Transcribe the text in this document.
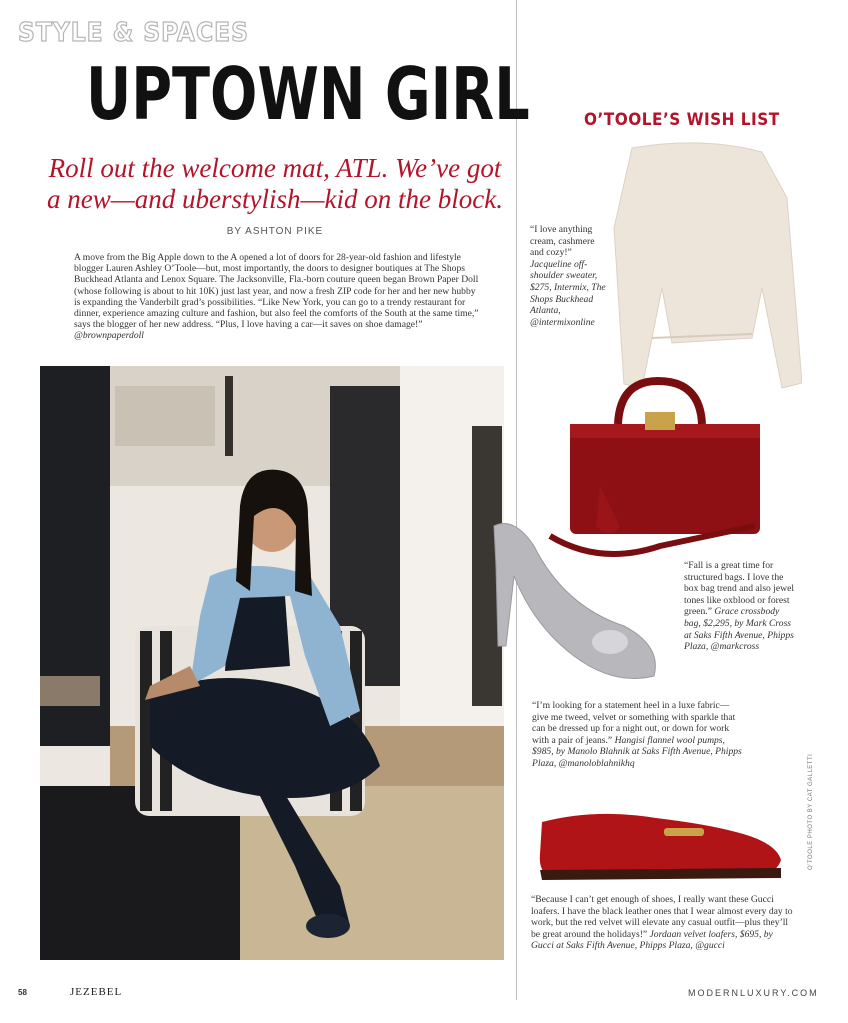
STYLE & SPACES
UPTOWN GIRL
Roll out the welcome mat, ATL. We’ve got a new—and uberstylish—kid on the block.
BY ASHTON PIKE
A move from the Big Apple down to the A opened a lot of doors for 28-year-old fashion and lifestyle blogger Lauren Ashley O’Toole—but, most importantly, the doors to designer boutiques at The Shops Buckhead Atlanta and Lenox Square. The Jacksonville, Fla.-born couture queen began Brown Paper Doll (whose following is about to hit 10K) just last year, and now a fresh ZIP code for her and her new hubby is expanding the Vanderbilt grad’s possibilities. “Like New York, you can go to a trendy restaurant for dinner, experience amazing culture and fashion, but also feel the comforts of the South at the same time,” says the blogger of her new address. “Plus, I love having a car—it saves on shoe damage!” @brownpaperdoll
O’TOOLE’S WISH LIST
“I love anything cream, cashmere and cozy!” Jacqueline off-shoulder sweater, $275, Intermix, The Shops Buckhead Atlanta, @intermixonline
“Fall is a great time for structured bags. I love the box bag trend and also jewel tones like oxblood or forest green.” Grace crossbody bag, $2,295, by Mark Cross at Saks Fifth Avenue, Phipps Plaza, @markcross
“I’m looking for a statement heel in a luxe fabric—give me tweed, velvet or something with sparkle that can be dressed up for a night out, or down for work with a pair of jeans.” Hangisi flannel wool pumps, $985, by Manolo Blahnik at Saks Fifth Avenue, Phipps Plaza, @manoloblahnikhq
“Because I can’t get enough of shoes, I really want these Gucci loafers. I have the black leather ones that I wear almost every day to work, but the red velvet will elevate any casual outfit—plus they’ll be great around the holidays!” Jordaan velvet loafers, $695, by Gucci at Saks Fifth Avenue, Phipps Plaza, @gucci
O’TOOLE PHOTO BY CAT GALLETTI
58	JEZEBEL	MODERNLUXURY.COM
